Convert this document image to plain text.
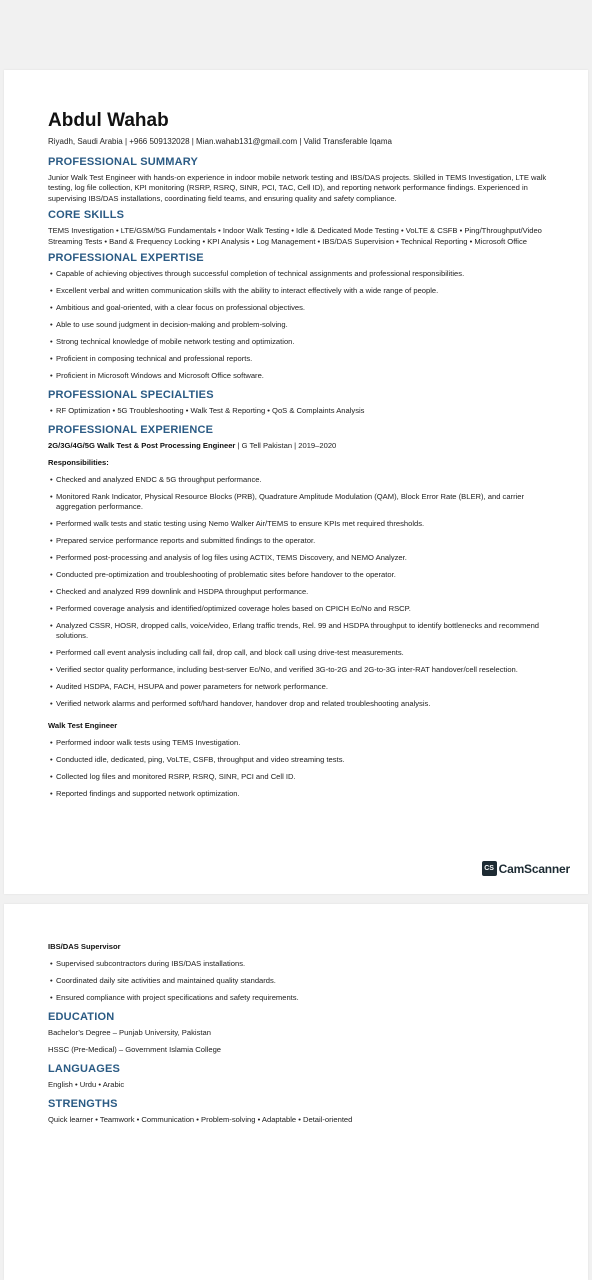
Abdul Wahab
Riyadh, Saudi Arabia | +966 509132028 | Mian.wahab131@gmail.com | Valid Transferable Iqama
PROFESSIONAL SUMMARY
Junior Walk Test Engineer with hands-on experience in indoor mobile network testing and IBS/DAS projects. Skilled in TEMS Investigation, LTE walk testing, log file collection, KPI monitoring (RSRP, RSRQ, SINR, PCI, TAC, Cell ID), and reporting network performance findings. Experienced in supervising IBS/DAS installations, coordinating field teams, and ensuring quality and safety compliance.
CORE SKILLS
TEMS Investigation • LTE/GSM/5G Fundamentals • Indoor Walk Testing • Idle & Dedicated Mode Testing • VoLTE & CSFB • Ping/Throughput/Video Streaming Tests • Band & Frequency Locking • KPI Analysis • Log Management • IBS/DAS Supervision • Technical Reporting • Microsoft Office
PROFESSIONAL EXPERTISE
• Capable of achieving objectives through successful completion of technical assignments and professional responsibilities.
• Excellent verbal and written communication skills with the ability to interact effectively with a wide range of people.
• Ambitious and goal-oriented, with a clear focus on professional objectives.
• Able to use sound judgment in decision-making and problem-solving.
• Strong technical knowledge of mobile network testing and optimization.
• Proficient in composing technical and professional reports.
• Proficient in Microsoft Windows and Microsoft Office software.
PROFESSIONAL SPECIALTIES
• RF Optimization • 5G Troubleshooting • Walk Test & Reporting • QoS & Complaints Analysis
PROFESSIONAL EXPERIENCE
2G/3G/4G/5G Walk Test & Post Processing Engineer | G Tell Pakistan | 2019–2020
Responsibilities:
• Checked and analyzed ENDC & 5G throughput performance.
• Monitored Rank Indicator, Physical Resource Blocks (PRB), Quadrature Amplitude Modulation (QAM), Block Error Rate (BLER), and carrier aggregation performance.
• Performed walk tests and static testing using Nemo Walker Air/TEMS to ensure KPIs met required thresholds.
• Prepared service performance reports and submitted findings to the operator.
• Performed post-processing and analysis of log files using ACTIX, TEMS Discovery, and NEMO Analyzer.
• Conducted pre-optimization and troubleshooting of problematic sites before handover to the operator.
• Checked and analyzed R99 downlink and HSDPA throughput performance.
• Performed coverage analysis and identified/optimized coverage holes based on CPICH Ec/No and RSCP.
• Analyzed CSSR, HOSR, dropped calls, voice/video, Erlang traffic trends, Rel. 99 and HSDPA throughput to identify bottlenecks and recommend solutions.
• Performed call event analysis including call fail, drop call, and block call using drive-test measurements.
• Verified sector quality performance, including best-server Ec/No, and verified 3G-to-2G and 2G-to-3G inter-RAT handover/cell reselection.
• Audited HSDPA, FACH, HSUPA and power parameters for network performance.
• Verified network alarms and performed soft/hard handover, handover drop and related troubleshooting analysis.
Walk Test Engineer
• Performed indoor walk tests using TEMS Investigation.
• Conducted idle, dedicated, ping, VoLTE, CSFB, throughput and video streaming tests.
• Collected log files and monitored RSRP, RSRQ, SINR, PCI and Cell ID.
• Reported findings and supported network optimization.
CS CamScanner
IBS/DAS Supervisor
• Supervised subcontractors during IBS/DAS installations.
• Coordinated daily site activities and maintained quality standards.
• Ensured compliance with project specifications and safety requirements.
EDUCATION
Bachelor’s Degree – Punjab University, Pakistan
HSSC (Pre-Medical) – Government Islamia College
LANGUAGES
English • Urdu • Arabic
STRENGTHS
Quick learner • Teamwork • Communication • Problem-solving • Adaptable • Detail-oriented
